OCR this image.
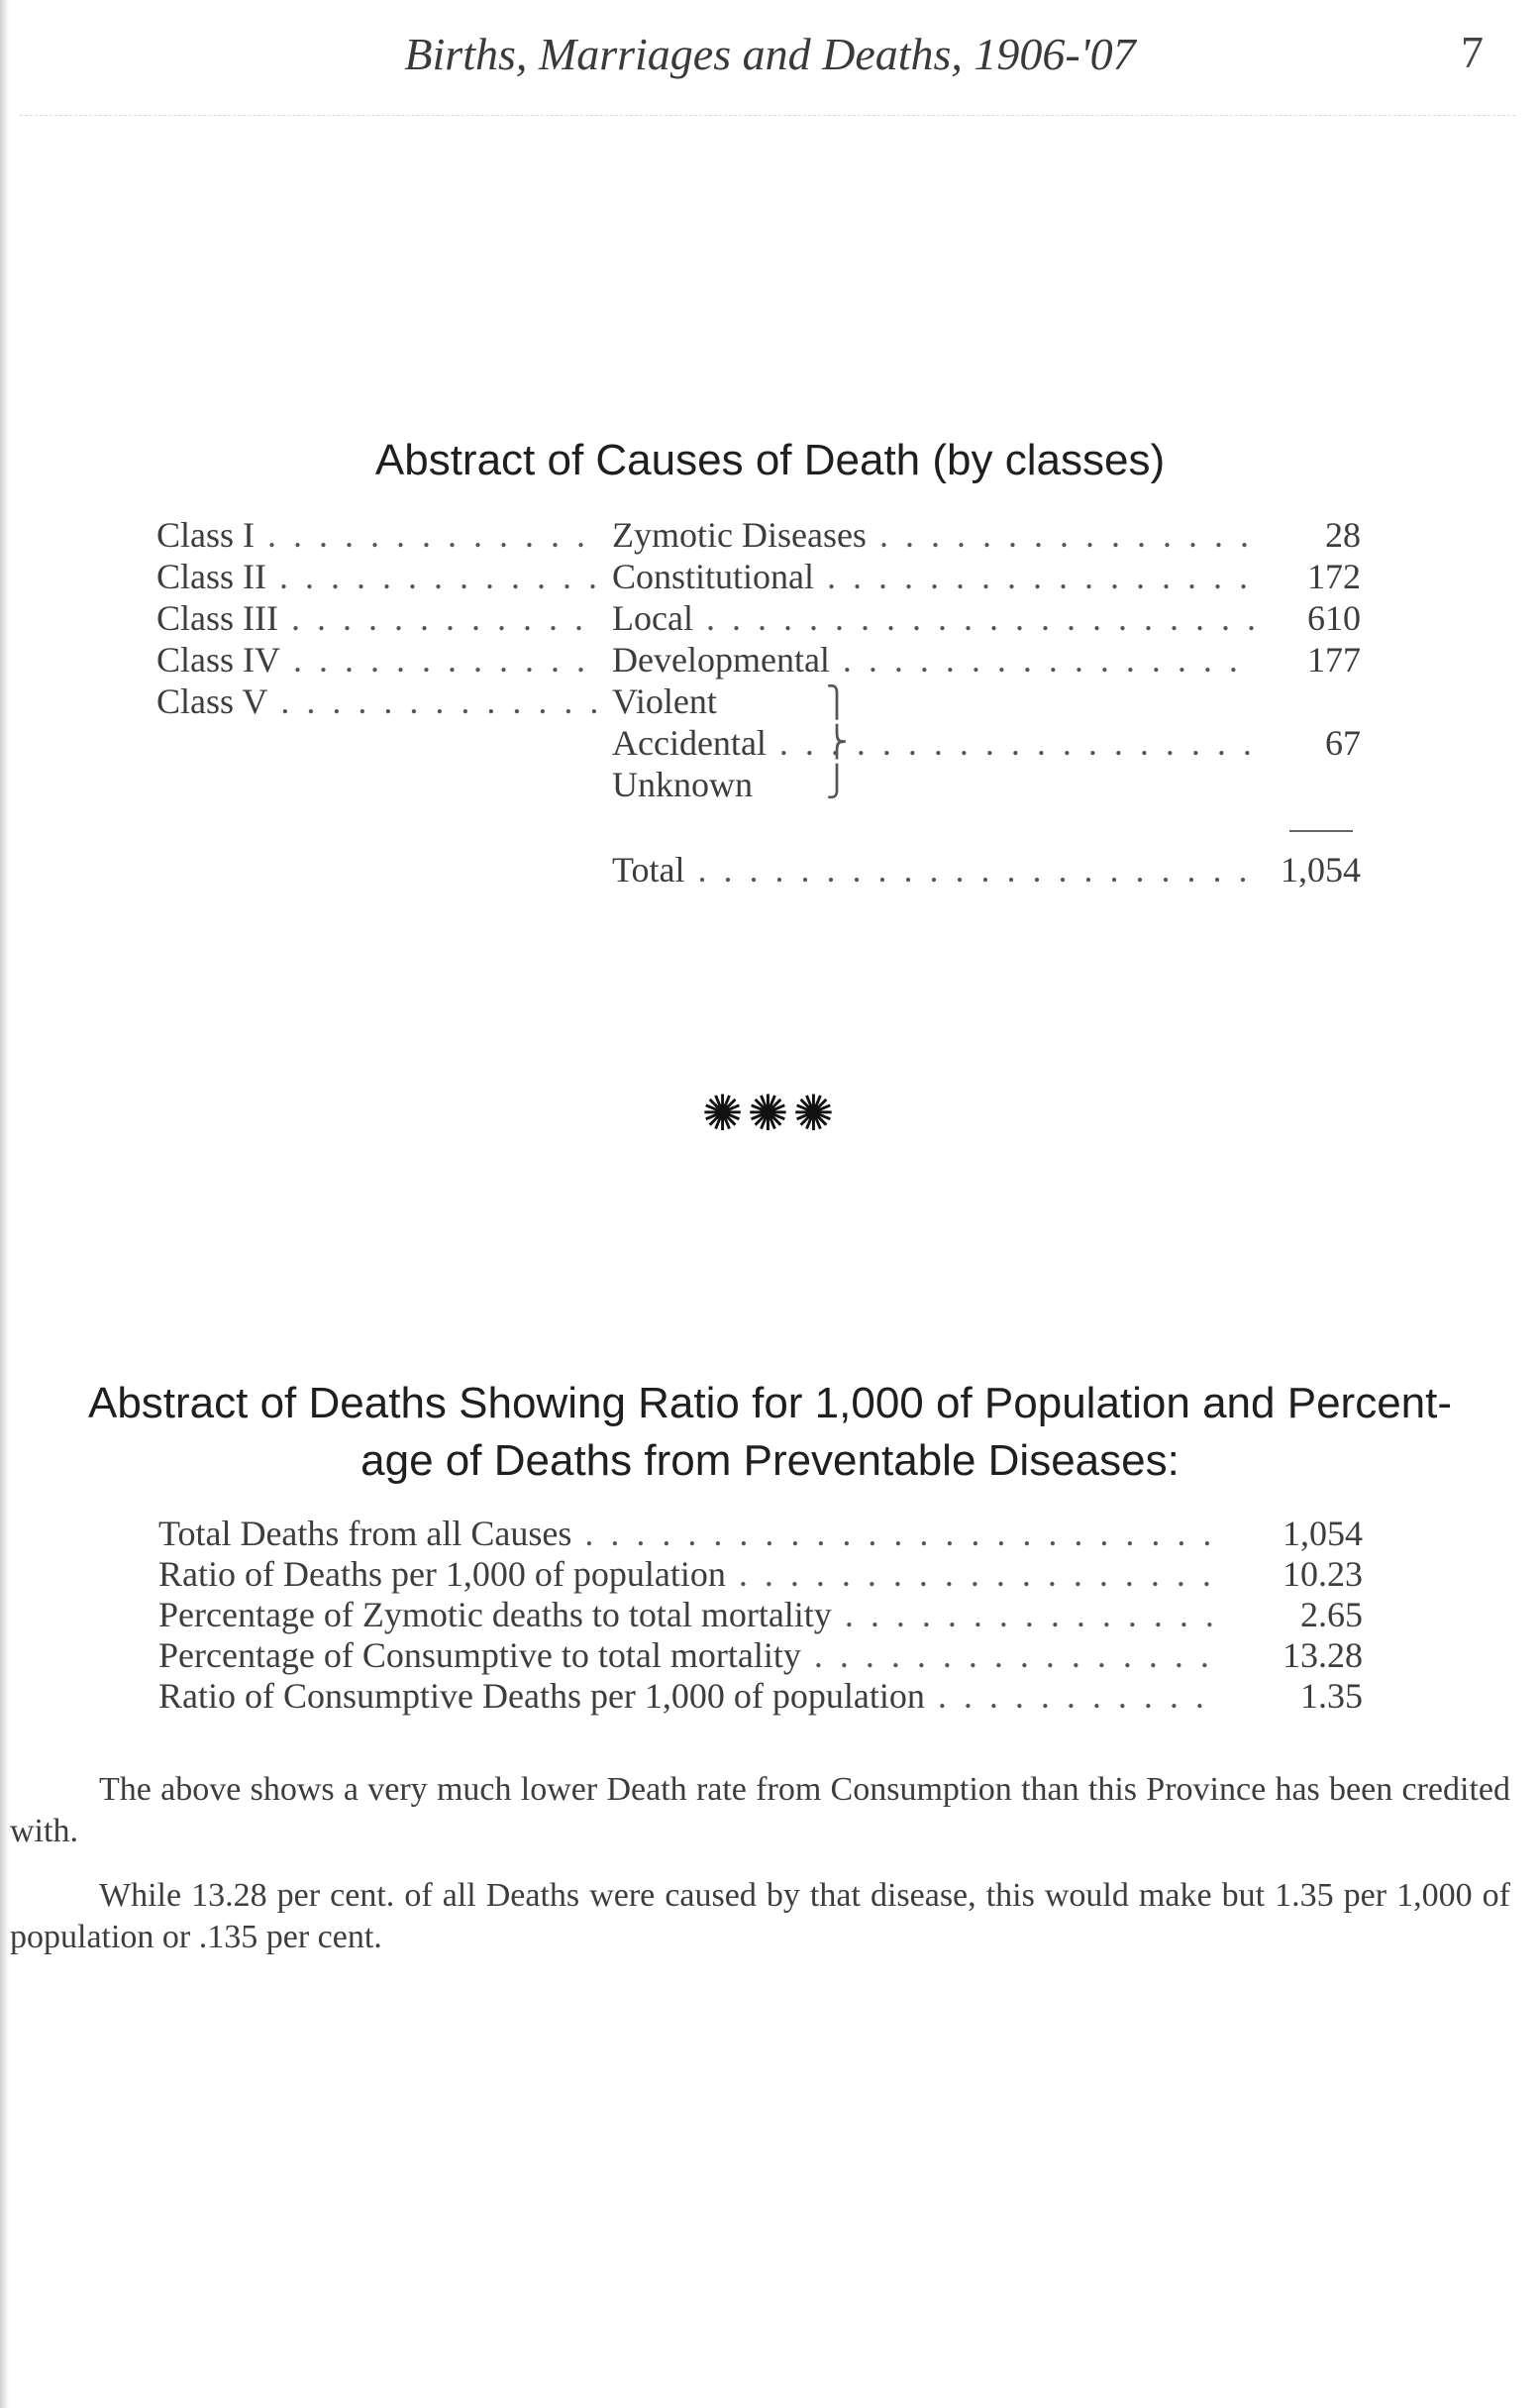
Births, Marriages and Deaths, 1906-'07	7
Abstract of Causes of Death (by classes)
Class I . . .	Zymotic Diseases . . .	28
Class II . . .	Constitutional . . .	172
Class III . . .	Local . . .	610
Class IV . . .	Developmental . . .	177
Class V . . .	Violent
Accidental . . .	67
Unknown
⎫
⎬
⎭
Total . . .	1,054
✺✺✺
Abstract of Deaths Showing Ratio for 1,000 of Population and Percent-
age of Deaths from Preventable Diseases:
Total Deaths from all Causes . . .	1,054
Ratio of Deaths per 1,000 of population . . .	10.23
Percentage of Zymotic deaths to total mortality . . .	2.65
Percentage of Consumptive to total mortality . . .	13.28
Ratio of Consumptive Deaths per 1,000 of population . . .	1.35
The above shows a very much lower Death rate from Consumption than this Province has been credited with.
While 13.28 per cent. of all Deaths were caused by that disease, this would make but 1.35 per 1,000 of population or .135 per cent.
